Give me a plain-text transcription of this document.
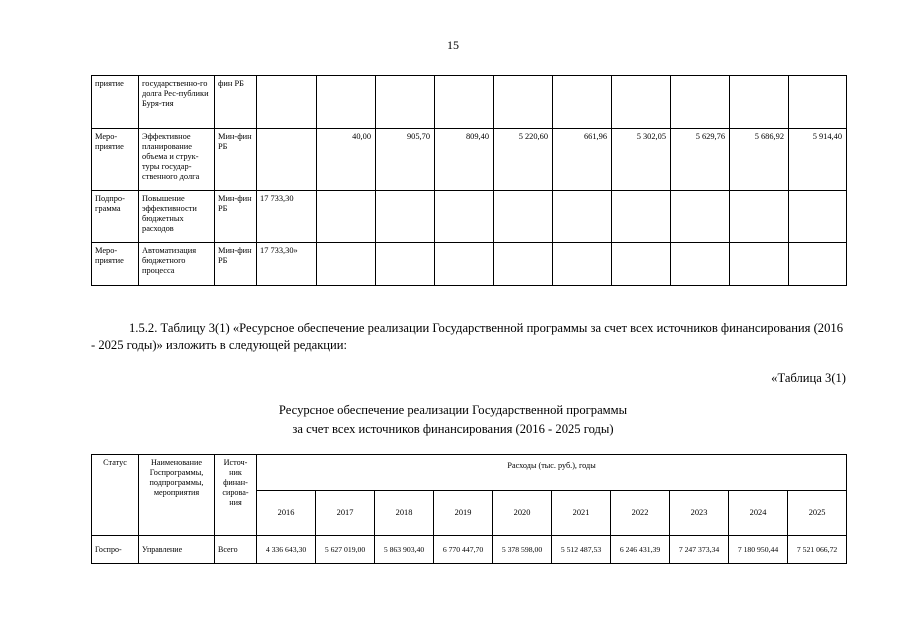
15
приятие	государственно-го долга Рес-публики Буря-тия	фин РБ										
Меро-приятие	Эффективное планирование объема и струк-туры государ-ственного долга	Мин-фин РБ		40,00	905,70	809,40	5 220,60	661,96	5 302,05	5 629,76	5 686,92	5 914,40
Подпро-грамма	Повышение эффективности бюджетных расходов	Мин-фин РБ	17 733,30									
Меро-приятие	Автоматизация бюджетного процесса	Мин-фин РБ	17 733,30»									
1.5.2. Таблицу 3(1) «Ресурсное обеспечение реализации Государственной программы за счет всех источников финансирования (2016 - 2025 годы)» изложить в следующей редакции:
«Таблица 3(1)
Ресурсное обеспечение реализации Государственной программы
за счет всех источников финансирования (2016 - 2025 годы)
Статус	Наименование Госпрограммы, подпрограммы, мероприятия	Источ-ник финан-сирова-ния	Расходы (тыс. руб.), годы									
			2016	2017	2018	2019	2020	2021	2022	2023	2024	2025
Госпро-	Управление	Всего	4 336 643,30	5 627 019,00	5 863 903,40	6 770 447,70	5 378 598,00	5 512 487,53	6 246 431,39	7 247 373,34	7 180 950,44	7 521 066,72
